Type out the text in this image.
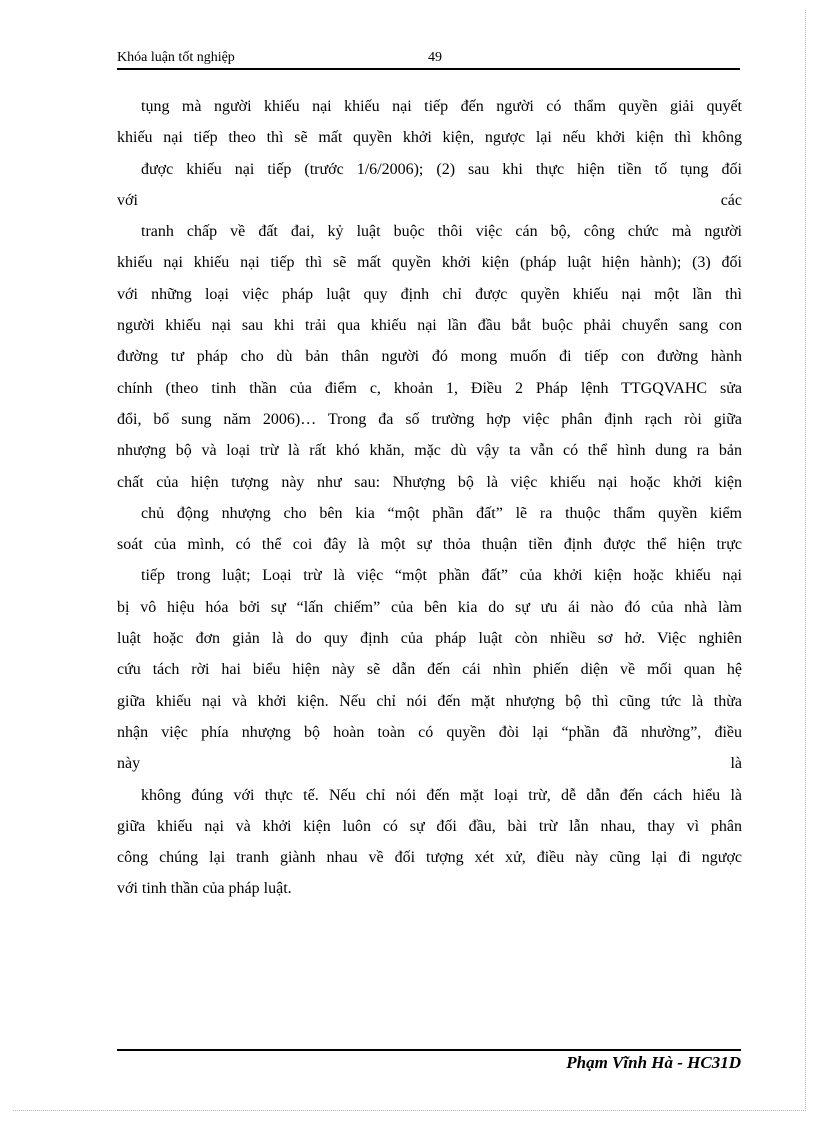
Khóa luận tốt nghiệp	49
tụng mà người khiếu nại khiếu nại tiếp đến người có thẩm quyền giải quyết
khiếu nại tiếp theo thì sẽ mất quyền khởi kiện, ngược lại nếu khởi kiện thì không
được khiếu nại tiếp (trước 1/6/2006); (2) sau khi thực hiện tiền tố tụng đối
với các
tranh chấp về đất đai, kỷ luật buộc thôi việc cán bộ, công chức mà người
khiếu nại khiếu nại tiếp thì sẽ mất quyền khởi kiện (pháp luật hiện hành); (3) đối
với những loại việc pháp luật quy định chỉ được quyền khiếu nại một lần thì
người khiếu nại sau khi trải qua khiếu nại lần đầu bắt buộc phải chuyển sang con
đường tư pháp cho dù bản thân người đó mong muốn đi tiếp con đường hành
chính (theo tinh thần của điểm c, khoản 1, Điều 2 Pháp lệnh TTGQVAHC sửa
đổi, bổ sung năm 2006)… Trong đa số trường hợp việc phân định rạch ròi giữa
nhượng bộ và loại trừ là rất khó khăn, mặc dù vậy ta vẫn có thể hình dung ra bản
chất của hiện tượng này như sau: Nhượng bộ là việc khiếu nại hoặc khởi kiện
chủ động nhượng cho bên kia “một phần đất” lẽ ra thuộc thẩm quyền kiểm
soát của mình, có thể coi đây là một sự thỏa thuận tiền định được thể hiện trực
tiếp trong luật; Loại trừ là việc “một phần đất” của khởi kiện hoặc khiếu nại
bị vô hiệu hóa bởi sự “lấn chiếm” của bên kia do sự ưu ái nào đó của nhà làm
luật hoặc đơn giản là do quy định của pháp luật còn nhiều sơ hở. Việc nghiên
cứu tách rời hai biểu hiện này sẽ dẫn đến cái nhìn phiến diện về mối quan hệ
giữa khiếu nại và khởi kiện. Nếu chỉ nói đến mặt nhượng bộ thì cũng tức là thừa
nhận việc phía nhượng bộ hoàn toàn có quyền đòi lại “phần đã nhường”, điều
này là
không đúng với thực tế. Nếu chỉ nói đến mặt loại trừ, dễ dẫn đến cách hiểu là
giữa khiếu nại và khởi kiện luôn có sự đối đầu, bài trừ lẫn nhau, thay vì phân
công chúng lại tranh giành nhau về đối tượng xét xử, điều này cũng lại đi ngược
với tinh thần của pháp luật.
Phạm Vĩnh Hà - HC31D
